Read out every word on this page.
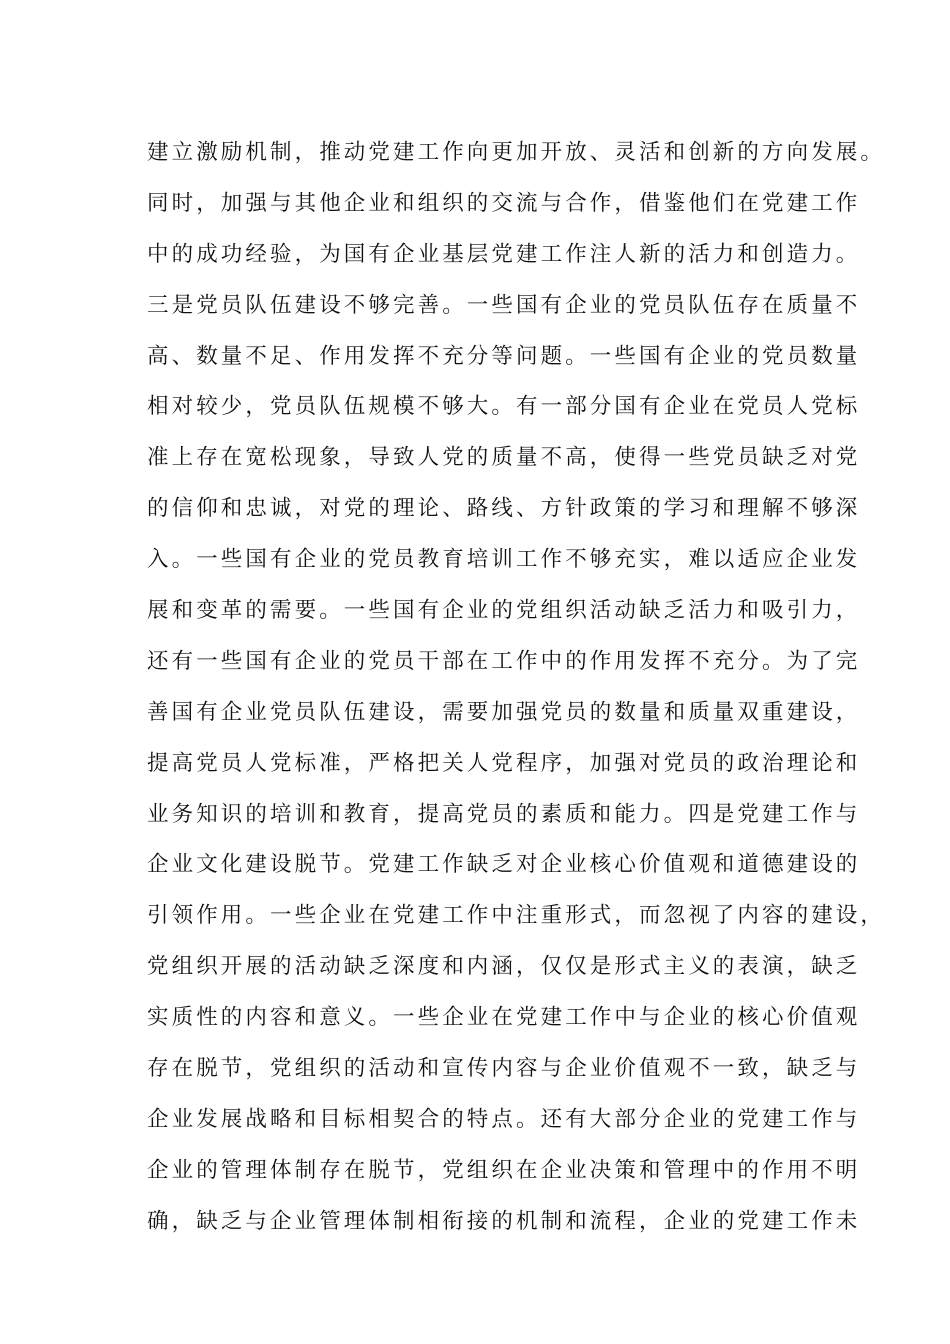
建立激励机制，推动党建工作向更加开放、灵活和创新的方向发展。
同时，加强与其他企业和组织的交流与合作，借鉴他们在党建工作
中的成功经验，为国有企业基层党建工作注人新的活力和创造力。
三是党员队伍建设不够完善。一些国有企业的党员队伍存在质量不
高、数量不足、作用发挥不充分等问题。一些国有企业的党员数量
相对较少，党员队伍规模不够大。有一部分国有企业在党员人党标
准上存在宽松现象，导致人党的质量不高，使得一些党员缺乏对党
的信仰和忠诚，对党的理论、路线、方针政策的学习和理解不够深
入。一些国有企业的党员教育培训工作不够充实，难以适应企业发
展和变革的需要。一些国有企业的党组织活动缺乏活力和吸引力，
还有一些国有企业的党员干部在工作中的作用发挥不充分。为了完
善国有企业党员队伍建设，需要加强党员的数量和质量双重建设，
提高党员人党标准，严格把关人党程序，加强对党员的政治理论和
业务知识的培训和教育，提高党员的素质和能力。四是党建工作与
企业文化建设脱节。党建工作缺乏对企业核心价值观和道德建设的
引领作用。一些企业在党建工作中注重形式，而忽视了内容的建设，
党组织开展的活动缺乏深度和内涵，仅仅是形式主义的表演，缺乏
实质性的内容和意义。一些企业在党建工作中与企业的核心价值观
存在脱节，党组织的活动和宣传内容与企业价值观不一致，缺乏与
企业发展战略和目标相契合的特点。还有大部分企业的党建工作与
企业的管理体制存在脱节，党组织在企业决策和管理中的作用不明
确，缺乏与企业管理体制相衔接的机制和流程，企业的党建工作未
